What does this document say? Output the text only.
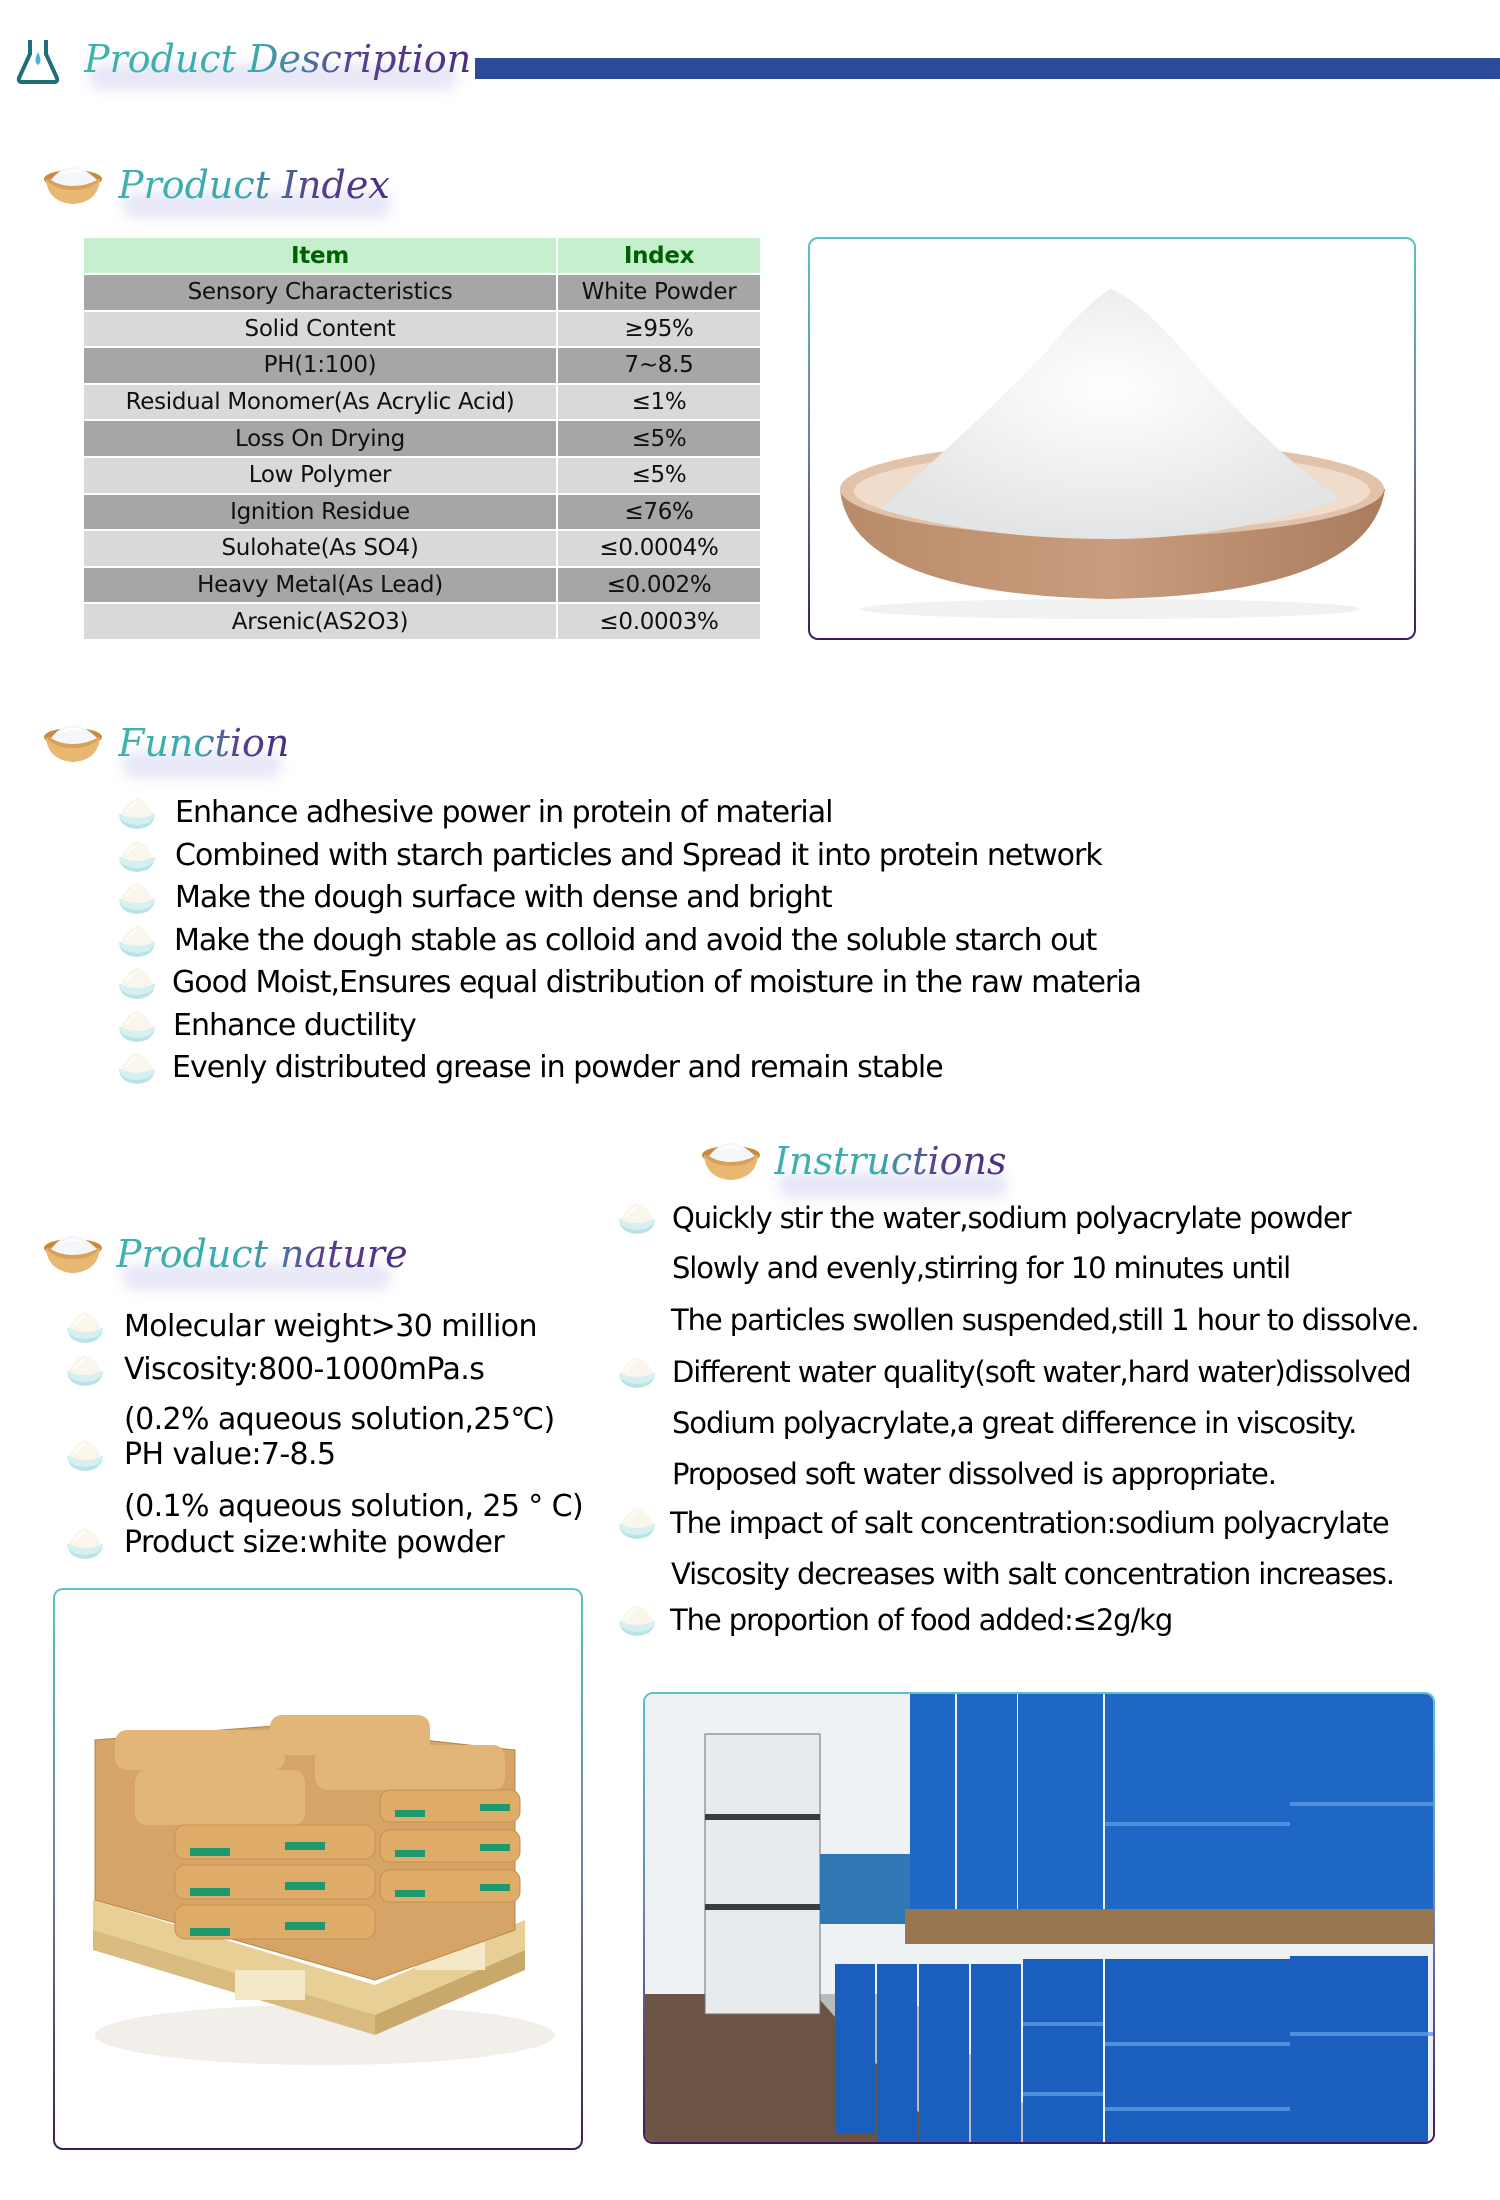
Product Description
Product Index
Item	Index
Sensory Characteristics	White Powder
Solid Content	≥95%
PH(1:100)	7~8.5
Residual Monomer(As Acrylic Acid)	≤1%
Loss On Drying	≤5%
Low Polymer	≤5%
Ignition Residue	≤76%
Sulohate(As SO4)	≤0.0004%
Heavy Metal(As Lead)	≤0.002%
Arsenic(AS2O3)	≤0.0003%
Function
Enhance adhesive power in protein of material
Combined with starch particles and Spread it into protein network
Make the dough surface with dense and bright
Make the dough stable as colloid and avoid the soluble starch out
Good Moist,Ensures equal distribution of moisture in the raw materia
Enhance ductility
Evenly distributed grease in powder and remain stable
Instructions
Quickly stir the water,sodium polyacrylate powder
Slowly and evenly,stirring for 10 minutes until
The particles swollen suspended,still 1 hour to dissolve.
Different water quality(soft water,hard water)dissolved
Sodium polyacrylate,a great difference in viscosity.
Proposed soft water dissolved is appropriate.
The impact of salt concentration:sodium polyacrylate
Viscosity decreases with salt concentration increases.
The proportion of food added:≤2g/kg
Product nature
Molecular weight>30 million
Viscosity:800-1000mPa.s
(0.2% aqueous solution,25℃)
PH value:7-8.5
(0.1% aqueous solution, 25 ° C)
Product size:white powder
